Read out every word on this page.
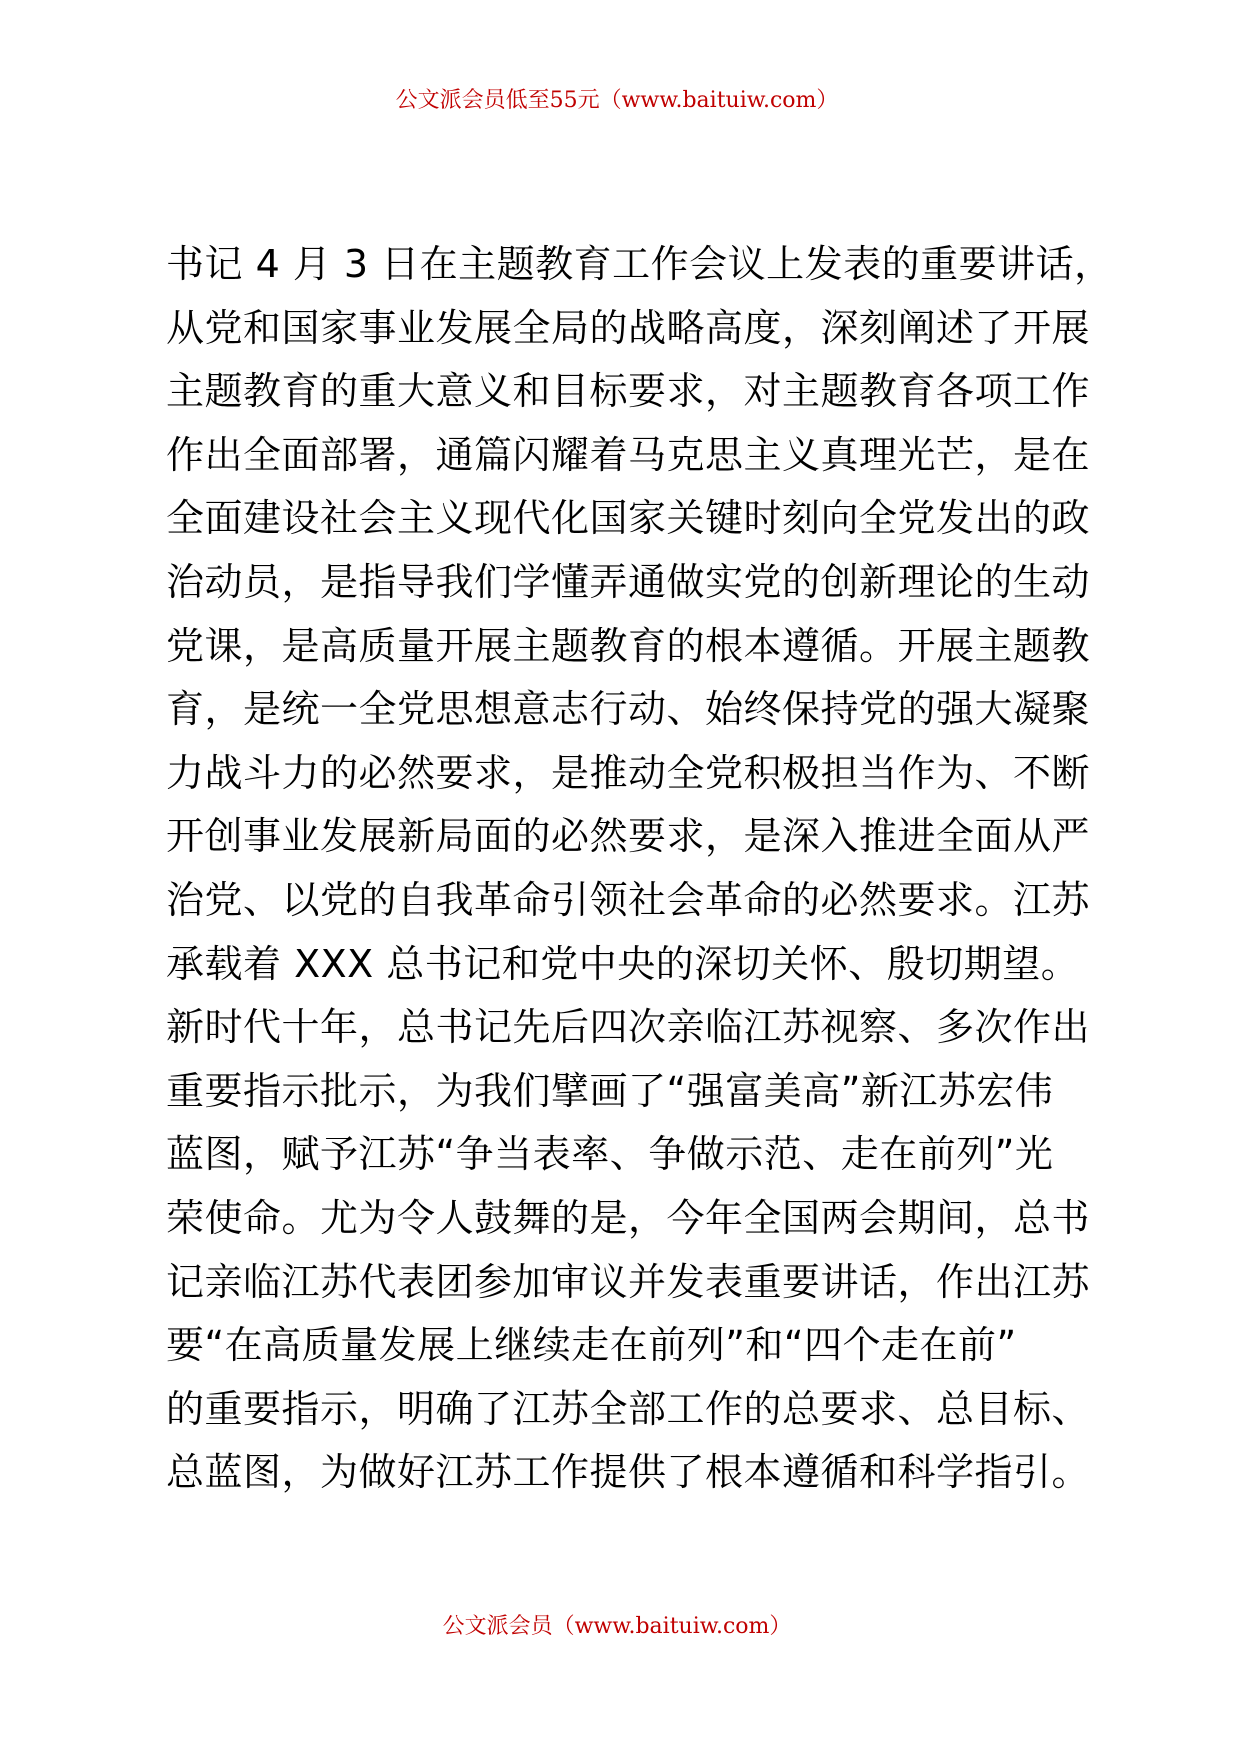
公文派会员低至55元（www.baituiw.com）
书记 4 月 3 日在主题教育工作会议上发表的重要讲话，
从党和国家事业发展全局的战略高度，深刻阐述了开展
主题教育的重大意义和目标要求，对主题教育各项工作
作出全面部署，通篇闪耀着马克思主义真理光芒，是在
全面建设社会主义现代化国家关键时刻向全党发出的政
治动员，是指导我们学懂弄通做实党的创新理论的生动
党课，是高质量开展主题教育的根本遵循。开展主题教
育，是统一全党思想意志行动、始终保持党的强大凝聚
力战斗力的必然要求，是推动全党积极担当作为、不断
开创事业发展新局面的必然要求，是深入推进全面从严
治党、以党的自我革命引领社会革命的必然要求。江苏
承载着 XXX 总书记和党中央的深切关怀、殷切期望。
新时代十年，总书记先后四次亲临江苏视察、多次作出
重要指示批示，为我们擘画了“强富美高”新江苏宏伟
蓝图，赋予江苏“争当表率、争做示范、走在前列”光
荣使命。尤为令人鼓舞的是，今年全国两会期间，总书
记亲临江苏代表团参加审议并发表重要讲话，作出江苏
要“在高质量发展上继续走在前列”和“四个走在前”
的重要指示，明确了江苏全部工作的总要求、总目标、
总蓝图，为做好江苏工作提供了根本遵循和科学指引。
公文派会员（www.baituiw.com）
